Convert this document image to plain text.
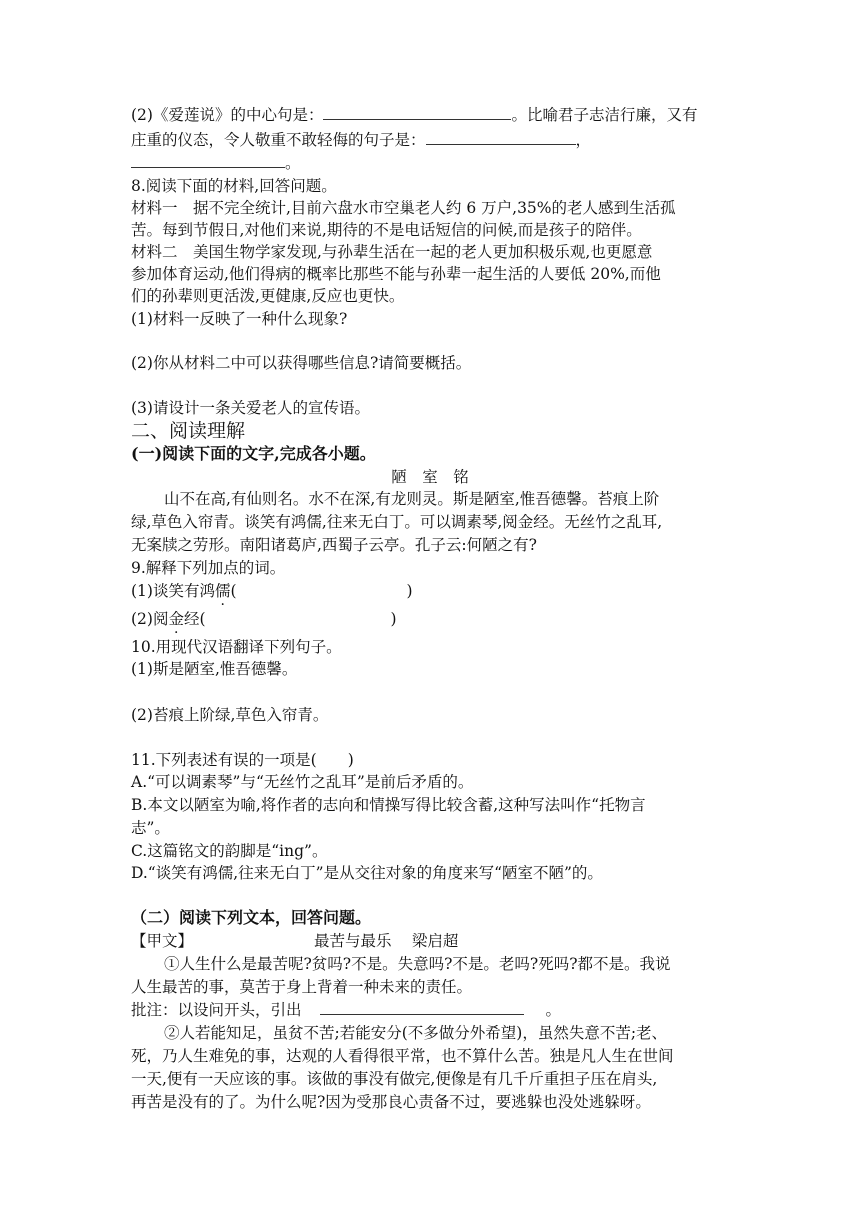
(2)《爱莲说》的中心句是：	。比喻君子志洁行廉，又有
庄重的仪态，令人敬重不敢轻侮的句子是：	，
。
8.阅读下面的材料,回答问题。
材料一　据不完全统计,目前六盘水市空巢老人约 6 万户,35%的老人感到生活孤
苦。每到节假日,对他们来说,期待的不是电话短信的问候,而是孩子的陪伴。
材料二　美国生物学家发现,与孙辈生活在一起的老人更加积极乐观,也更愿意
参加体育运动,他们得病的概率比那些不能与孙辈一起生活的人要低 20%,而他
们的孙辈则更活泼,更健康,反应也更快。
(1)材料一反映了一种什么现象?
(2)你从材料二中可以获得哪些信息?请简要概括。
(3)请设计一条关爱老人的宣传语。
二、阅读理解
(一)阅读下面的文字,完成各小题。
陋　室　铭
山不在高,有仙则名。水不在深,有龙则灵。斯是陋室,惟吾德馨。苔痕上阶
绿,草色入帘青。谈笑有鸿儒,往来无白丁。可以调素琴,阅金经。无丝竹之乱耳,
无案牍之劳形。南阳诸葛庐,西蜀子云亭。孔子云:何陋之有?
9.解释下列加点的词。
(1)谈笑有鸿儒(	)
(2)阅金经(	)
10.用现代汉语翻译下列句子。
(1)斯是陋室,惟吾德馨。
(2)苔痕上阶绿,草色入帘青。
11.下列表述有误的一项是(　　)
A.“可以调素琴”与“无丝竹之乱耳”是前后矛盾的。
B.本文以陋室为喻,将作者的志向和情操写得比较含蓄,这种写法叫作“托物言
志”。
C.这篇铭文的韵脚是“ing”。
D.“谈笑有鸿儒,往来无白丁”是从交往对象的角度来写“陋室不陋”的。
（二）阅读下列文本，回答问题。
【甲文】	最苦与最乐　 梁启超
①人生什么是最苦呢?贫吗?不是。失意吗?不是。老吗?死吗?都不是。我说
人生最苦的事，莫苦于身上背着一种未来的责任。
批注：以设问开头，引出	。
②人若能知足，虽贫不苦;若能安分(不多做分外希望)，虽然失意不苦;老、
死，乃人生难免的事，达观的人看得很平常，也不算什么苦。独是凡人生在世间
一天,便有一天应该的事。该做的事没有做完,便像是有几千斤重担子压在肩头,
再苦是没有的了。为什么呢?因为受那良心责备不过，要逃躲也没处逃躲呀。
